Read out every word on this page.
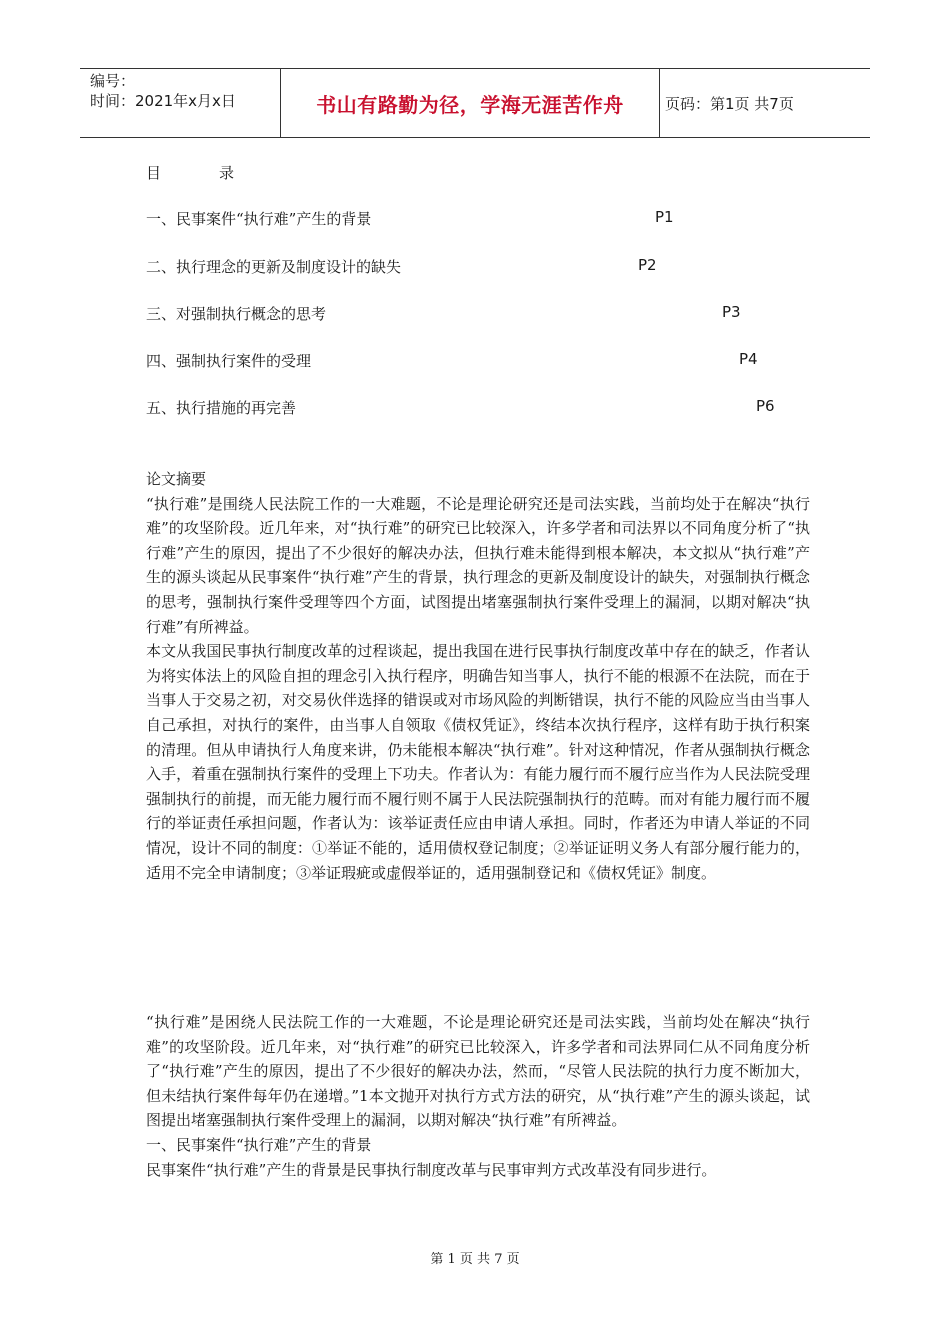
编号：
时间：2021年x月x日	书山有路勤为径，学海无涯苦作舟	页码：第1页 共7页
目	录
一、民事案件“执行难”产生的背景	P1
二、执行理念的更新及制度设计的缺失	P2
三、对强制执行概念的思考	P3
四、强制执行案件的受理	P4
五、执行措施的再完善	P6

论文摘要

“执行难”是围绕人民法院工作的一大难题，不论是理论研究还是司法实践，当前均处于在解决“执行难”的攻坚阶段。近几年来，对“执行难”的研究已比较深入，许多学者和司法界以不同角度分析了“执行难”产生的原因，提出了不少很好的解决办法，但执行难未能得到根本解决，本文拟从“执行难”产生的源头谈起从民事案件“执行难”产生的背景，执行理念的更新及制度设计的缺失，对强制执行概念的思考，强制执行案件受理等四个方面，试图提出堵塞强制执行案件受理上的漏洞，以期对解决“执行难”有所裨益。

本文从我国民事执行制度改革的过程谈起，提出我国在进行民事执行制度改革中存在的缺乏，作者认为将实体法上的风险自担的理念引入执行程序，明确告知当事人，执行不能的根源不在法院，而在于当事人于交易之初，对交易伙伴选择的错误或对市场风险的判断错误，执行不能的风险应当由当事人自己承担，对执行的案件，由当事人自领取《债权凭证》，终结本次执行程序，这样有助于执行积案的清理。但从申请执行人角度来讲，仍未能根本解决“执行难”。针对这种情况，作者从强制执行概念入手，着重在强制执行案件的受理上下功夫。作者认为：有能力履行而不履行应当作为人民法院受理强制执行的前提，而无能力履行而不履行则不属于人民法院强制执行的范畴。而对有能力履行而不履行的举证责任承担问题，作者认为：该举证责任应由申请人承担。同时，作者还为申请人举证的不同情况，设计不同的制度：①举证不能的，适用债权登记制度；②举证证明义务人有部分履行能力的，适用不完全申请制度；③举证瑕疵或虚假举证的，适用强制登记和《债权凭证》制度。

“执行难”是困绕人民法院工作的一大难题，不论是理论研究还是司法实践，当前均处在解决“执行难”的攻坚阶段。近几年来，对“执行难”的研究已比较深入，许多学者和司法界同仁从不同角度分析了“执行难”产生的原因，提出了不少很好的解决办法，然而，“尽管人民法院的执行力度不断加大，但未结执行案件每年仍在递增。”1本文抛开对执行方式方法的研究，从“执行难”产生的源头谈起，试图提出堵塞强制执行案件受理上的漏洞，以期对解决“执行难”有所裨益。

一、民事案件“执行难”产生的背景

民事案件“执行难”产生的背景是民事执行制度改革与民事审判方式改革没有同步进行。

第 1 页 共 7 页
